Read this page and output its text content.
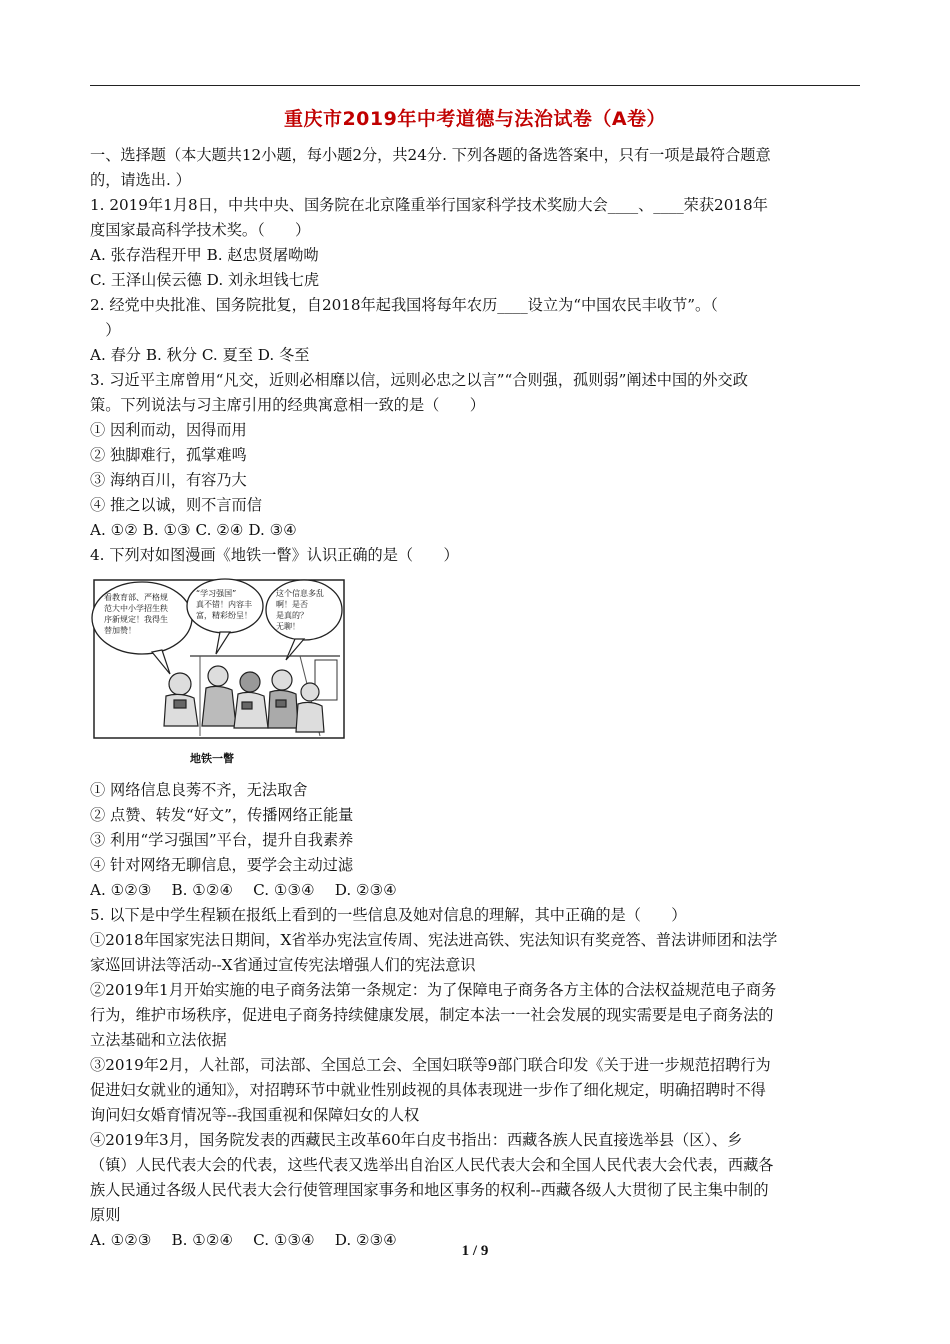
重庆市2019年中考道德与法治试卷（A卷）
一、选择题（本大题共12小题，每小题2分，共24分. 下列各题的备选答案中，只有一项是最符合题意
的，请选出. ）
1. 2019年1月8日，中共中央、国务院在北京隆重举行国家科学技术奖励大会____、____荣获2018年
度国家最高科学技术奖。（　　）
A. 张存浩程开甲 B. 赵忠贤屠呦呦
C. 王泽山侯云德 D. 刘永坦钱七虎
2. 经党中央批准、国务院批复，自2018年起我国将每年农历____设立为“中国农民丰收节”。（
　）
A. 春分 B. 秋分 C. 夏至 D. 冬至
3. 习近平主席曾用“凡交，近则必相靡以信，远则必忠之以言”“合则强，孤则弱”阐述中国的外交政
策。下列说法与习主席引用的经典寓意相一致的是（　　）
① 因利而动，因得而用
② 独脚难行，孤掌难鸣
③ 海纳百川，有容乃大
④ 推之以诚，则不言而信
A. ①② B. ①③ C. ②④ D. ③④
4. 下列对如图漫画《地铁一瞥》认识正确的是（　　）
看教育部、严格规范大中小学招生秩序新规定！我得生替加赞！
“学习强国”真不错！内容丰富，精彩纷呈！
这个信息多乱啊！是否是真的？无聊！
地铁一瞥
① 网络信息良莠不齐，无法取舍
② 点赞、转发“好文”，传播网络正能量
③ 利用“学习强国”平台，提升自我素养
④ 针对网络无聊信息，要学会主动过滤
A. ①②③　 B. ①②④　 C. ①③④　 D. ②③④
5. 以下是中学生程颖在报纸上看到的一些信息及她对信息的理解，其中正确的是（　　）
①2018年国家宪法日期间，X省举办宪法宣传周、宪法进高铁、宪法知识有奖竞答、普法讲师团和法学
家巡回讲法等活动--X省通过宣传宪法增强人们的宪法意识
②2019年1月开始实施的电子商务法第一条规定：为了保障电子商务各方主体的合法权益规范电子商务
行为，维护市场秩序，促进电子商务持续健康发展，制定本法一一社会发展的现实需要是电子商务法的
立法基础和立法依据
③2019年2月，人社部，司法部、全国总工会、全国妇联等9部门联合印发《关于进一步规范招聘行为
促进妇女就业的通知》，对招聘环节中就业性别歧视的具体表现进一步作了细化规定，明确招聘时不得
询问妇女婚育情况等--我国重视和保障妇女的人权
④2019年3月，国务院发表的西藏民主改革60年白皮书指出：西藏各族人民直接选举县（区）、乡
（镇）人民代表大会的代表，这些代表又选举出自治区人民代表大会和全国人民代表大会代表，西藏各
族人民通过各级人民代表大会行使管理国家事务和地区事务的权利--西藏各级人大贯彻了民主集中制的
原则
A. ①②③　 B. ①②④　 C. ①③④　 D. ②③④
1 / 9
